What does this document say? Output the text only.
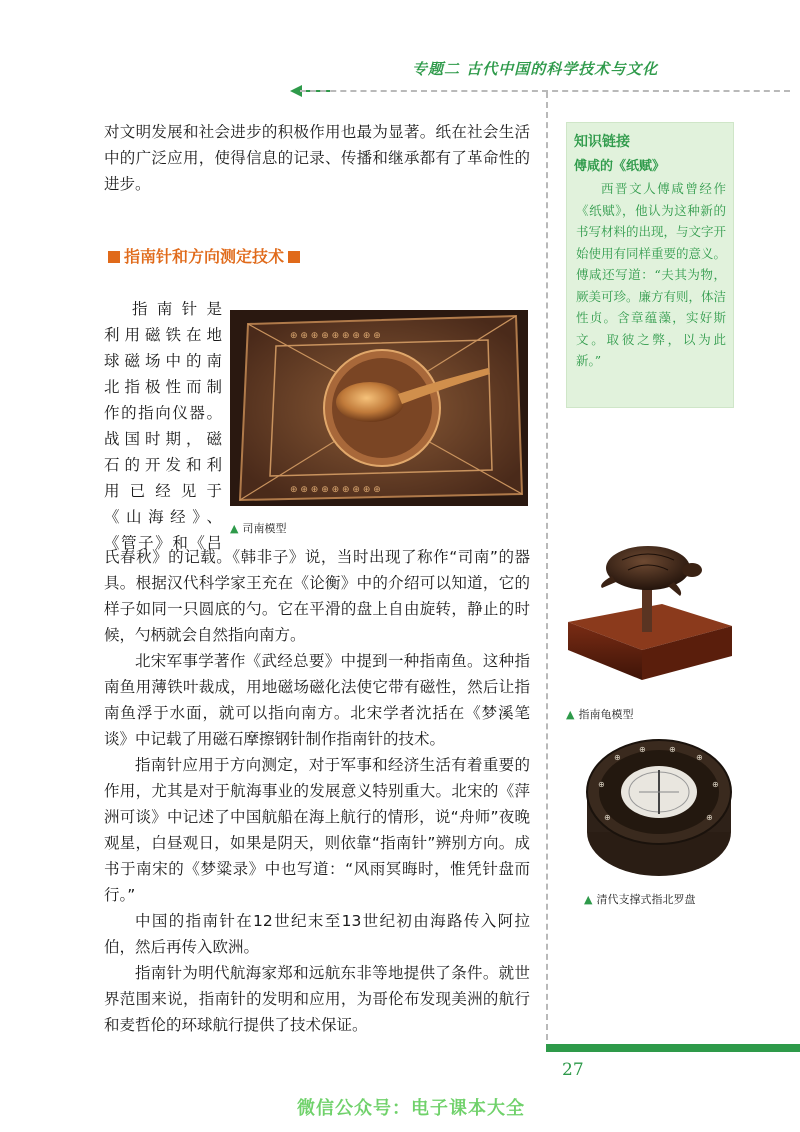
专题二 古代中国的科学技术与文化
对文明发展和社会进步的积极作用也最为显著。纸在社会生活中的广泛应用，使得信息的记录、传播和继承都有了革命性的进步。
指南针和方向测定技术
指南针是
利用磁铁在地
球磁场中的南
北指极性而制
作的指向仪器。
战国时期，磁
石的开发和利
用已经见于
《山海经》、
《管子》和《吕
⊕ ⊕ ⊕ ⊕ ⊕ ⊕ ⊕ ⊕ ⊕
⊕ ⊕ ⊕ ⊕ ⊕ ⊕ ⊕ ⊕ ⊕
▲ 司南模型
氏春秋》的记载。《韩非子》说，当时出现了称作“司南”的器具。根据汉代科学家王充在《论衡》中的介绍可以知道，它的样子如同一只圆底的勺。它在平滑的盘上自由旋转，静止的时候，勺柄就会自然指向南方。
北宋军事学著作《武经总要》中提到一种指南鱼。这种指南鱼用薄铁叶裁成，用地磁场磁化法使它带有磁性，然后让指南鱼浮于水面，就可以指向南方。北宋学者沈括在《梦溪笔谈》中记载了用磁石摩擦钢针制作指南针的技术。
指南针应用于方向测定，对于军事和经济生活有着重要的作用，尤其是对于航海事业的发展意义特别重大。北宋的《萍洲可谈》中记述了中国航船在海上航行的情形，说“舟师”夜晚观星，白昼观日，如果是阴天，则依靠“指南针”辨别方向。成书于南宋的《梦粱录》中也写道：“风雨冥晦时，惟凭针盘而行。”
中国的指南针在12世纪末至13世纪初由海路传入阿拉伯，然后再传入欧洲。
指南针为明代航海家郑和远航东非等地提供了条件。就世界范围来说，指南针的发明和应用，为哥伦布发现美洲的航行和麦哲伦的环球航行提供了技术保证。
知识链接
傅咸的《纸赋》
西晋文人傅咸曾经作《纸赋》，他认为这种新的书写材料的出现，与文字开始使用有同样重要的意义。傅咸还写道：“夫其为物，厥美可珍。廉方有则，体洁性贞。含章蕴藻，实好斯文。取彼之弊，以为此新。”
▲ 指南龟模型
⊕
⊕	⊕
⊕
⊕
⊕
⊕
⊕
▲ 清代支撑式指北罗盘
27
微信公众号：电子课本大全
